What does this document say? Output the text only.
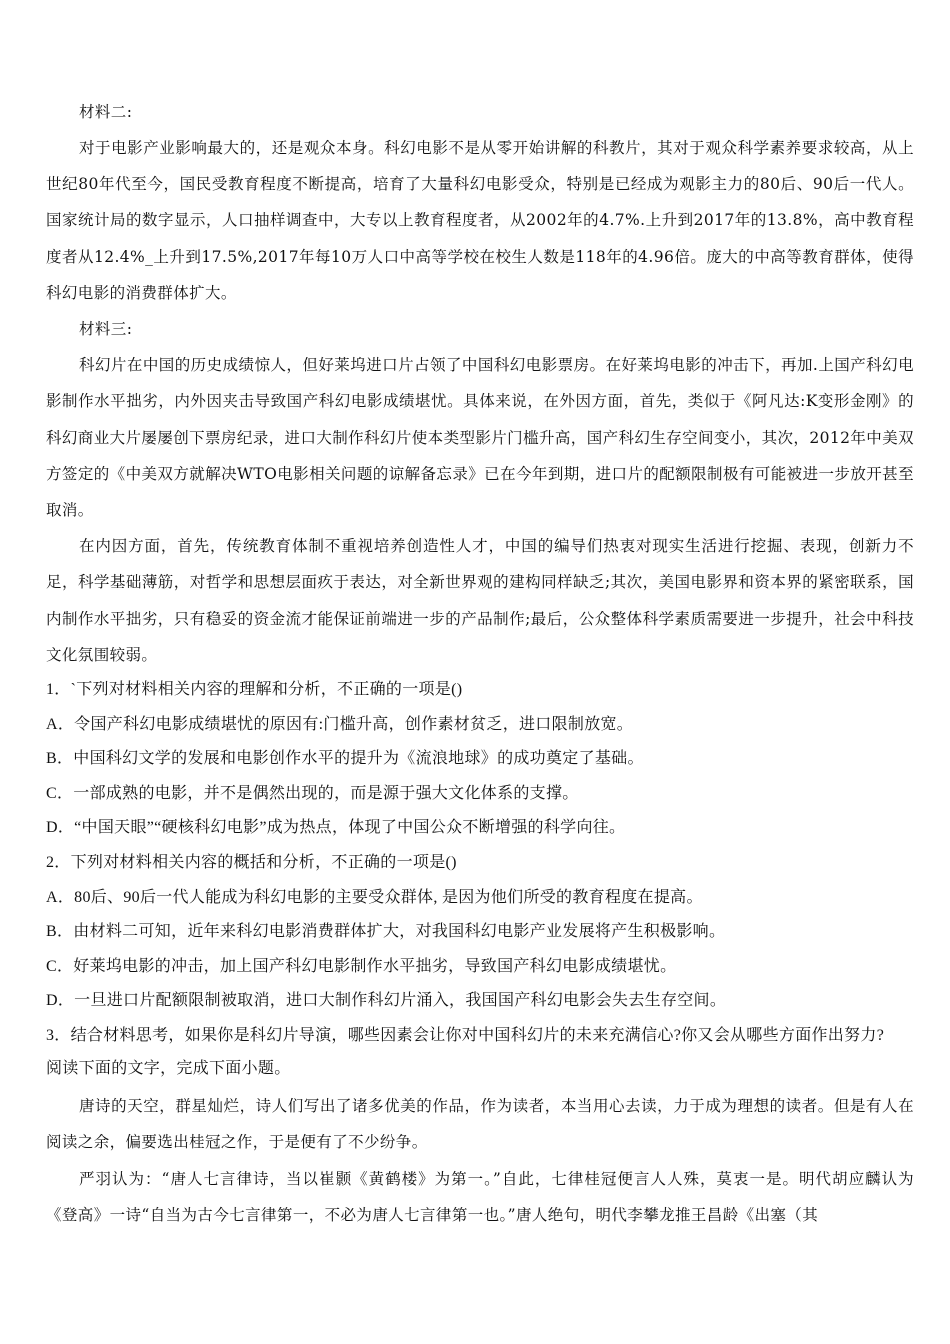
材料二:

对于电影产业影响最大的，还是观众本身。科幻电影不是从零开始讲解的科教片，其对于观众科学素养要求较高，从上世纪80年代至今，国民受教育程度不断提高，培育了大量科幻电影受众，特别是已经成为观影主力的80后、90后一代人。国家统计局的数字显示，人口抽样调查中，大专以上教育程度者，从2002年的4.7%.上升到2017年的13.8%，高中教育程度者从12.4%_上升到17.5%,2017年每10万人口中高等学校在校生人数是118年的4.96倍。庞大的中高等教育群体，使得科幻电影的消费群体扩大。

材料三:

科幻片在中国的历史成绩惊人，但好莱坞进口片占领了中国科幻电影票房。在好莱坞电影的冲击下，再加.上国产科幻电影制作水平拙劣，内外因夹击导致国产科幻电影成绩堪忧。具体来说，在外因方面，首先，类似于《阿凡达:K变形金刚》的科幻商业大片屡屡创下票房纪录，进口大制作科幻片使本类型影片门槛升高，国产科幻生存空间变小，其次，2012年中美双方签定的《中美双方就解决WTO电影相关问题的谅解备忘录》已在今年到期，进口片的配额限制极有可能被进一步放开甚至取消。

在内因方面，首先，传统教育体制不重视培养创造性人才，中国的编导们热衷对现实生活进行挖掘、表现，创新力不足，科学基础薄筋，对哲学和思想层面疚于表达，对全新世界观的建构同样缺乏;其次，美国电影界和资本界的紧密联系，国内制作水平拙劣，只有稳妥的资金流才能保证前端进一步的产品制作;最后，公众整体科学素质需要进一步提升，社会中科技文化氛围较弱。

1．`下列对材料相关内容的理解和分析，不正确的一项是()

A．令国产科幻电影成绩堪忧的原因有:门槛升高，创作素材贫乏，进口限制放宽。

B．中国科幻文学的发展和电影创作水平的提升为《流浪地球》的成功奠定了基础。

C．一部成熟的电影，并不是偶然出现的，而是源于强大文化体系的支撑。

D．“中国天眼”“硬核科幻电影”成为热点，体现了中国公众不断增强的科学向往。

2．下列对材料相关内容的概括和分析，不正确的一项是()

A．80后、90后一代人能成为科幻电影的主要受众群体, 是因为他们所受的教育程度在提高。

B．由材料二可知，近年来科幻电影消费群体扩大，对我国科幻电影产业发展将产生积极影响。

C．好莱坞电影的冲击，加上国产科幻电影制作水平拙劣，导致国产科幻电影成绩堪忧。

D．一旦进口片配额限制被取消，进口大制作科幻片涌入，我国国产科幻电影会失去生存空间。

3．结合材料思考，如果你是科幻片导演，哪些因素会让你对中国科幻片的未来充满信心?你又会从哪些方面作出努力?

阅读下面的文字，完成下面小题。

唐诗的天空，群星灿烂，诗人们写出了诸多优美的作品，作为读者，本当用心去读，力于成为理想的读者。但是有人在阅读之余，偏要选出桂冠之作，于是便有了不少纷争。

严羽认为：“唐人七言律诗，当以崔颢《黄鹤楼》为第一。”自此，七律桂冠便言人人殊，莫衷一是。明代胡应麟认为《登高》一诗“自当为古今七言律第一，不必为唐人七言律第一也。”唐人绝句，明代李攀龙推王昌龄《出塞（其
